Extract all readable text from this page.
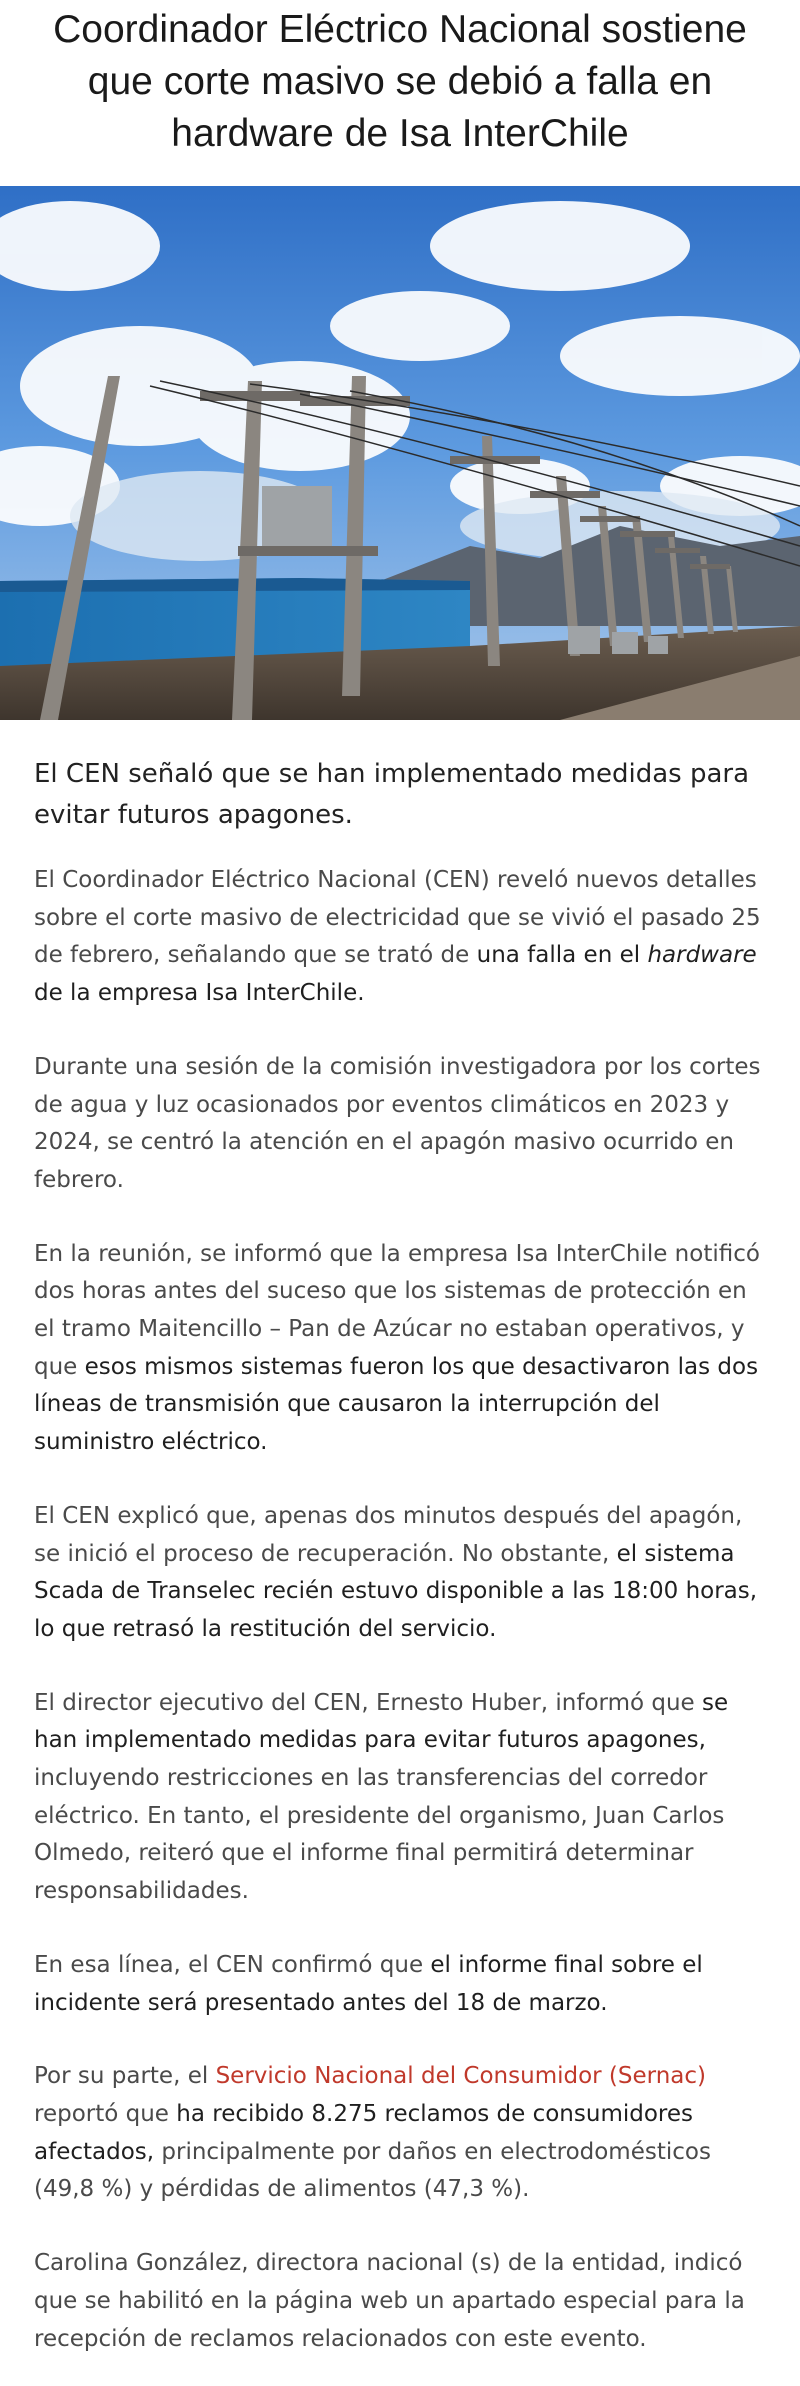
Coordinador Eléctrico Nacional sostiene que corte masivo se debió a falla en hardware de Isa InterChile

El CEN señaló que se han implementado medidas para evitar futuros apagones.

El Coordinador Eléctrico Nacional (CEN) reveló nuevos detalles sobre el corte masivo de electricidad que se vivió el pasado 25 de febrero, señalando que se trató de una falla en el hardware de la empresa Isa InterChile.

Durante una sesión de la comisión investigadora por los cortes de agua y luz ocasionados por eventos climáticos en 2023 y 2024, se centró la atención en el apagón masivo ocurrido en febrero.

En la reunión, se informó que la empresa Isa InterChile notificó dos horas antes del suceso que los sistemas de protección en el tramo Maitencillo – Pan de Azúcar no estaban operativos, y que esos mismos sistemas fueron los que desactivaron las dos líneas de transmisión que causaron la interrupción del suministro eléctrico.

El CEN explicó que, apenas dos minutos después del apagón, se inició el proceso de recuperación. No obstante, el sistema Scada de Transelec recién estuvo disponible a las 18:00 horas, lo que retrasó la restitución del servicio.

El director ejecutivo del CEN, Ernesto Huber, informó que se han implementado medidas para evitar futuros apagones, incluyendo restricciones en las transferencias del corredor eléctrico. En tanto, el presidente del organismo, Juan Carlos Olmedo, reiteró que el informe final permitirá determinar responsabilidades.

En esa línea, el CEN confirmó que el informe final sobre el incidente será presentado antes del 18 de marzo.

Por su parte, el Servicio Nacional del Consumidor (Sernac) reportó que ha recibido 8.275 reclamos de consumidores afectados, principalmente por daños en electrodomésticos (49,8 %) y pérdidas de alimentos (47,3 %).

Carolina González, directora nacional (s) de la entidad, indicó que se habilitó en la página web un apartado especial para la recepción de reclamos relacionados con este evento.
